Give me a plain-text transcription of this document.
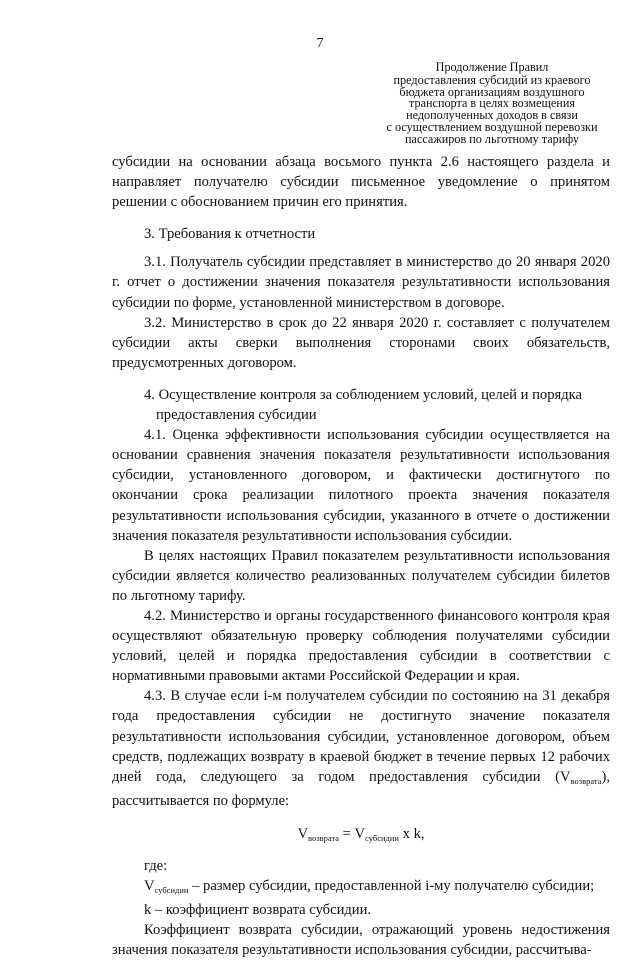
7
Продолжение Правил
предоставления субсидий из краевого
бюджета организациям воздушного
транспорта в целях возмещения
недополученных доходов в связи
с осуществлением воздушной перевозки
пассажиров по льготному тарифу

субсидии на основании абзаца восьмого пункта 2.6 настоящего раздела и направляет получателю субсидии письменное уведомление о принятом решении с обоснованием причин его принятия.

3. Требования к отчетности

3.1. Получатель субсидии представляет в министерство до 20 января 2020 г. отчет о достижении значения показателя результативности использования субсидии по форме, установленной министерством в договоре.

3.2. Министерство в срок до 22 января 2020 г. составляет с получателем субсидии акты сверки выполнения сторонами своих обязательств, предусмотренных договором.

4. Осуществление контроля за соблюдением условий, целей и порядка
предоставления субсидии

4.1. Оценка эффективности использования субсидии осуществляется на основании сравнения значения показателя результативности использования субсидии, установленного договором, и фактически достигнутого по окончании срока реализации пилотного проекта значения показателя результативности использования субсидии, указанного в отчете о достижении значения показателя результативности использования субсидии.

В целях настоящих Правил показателем результативности использования субсидии является количество реализованных получателем субсидии билетов по льготному тарифу.

4.2. Министерство и органы государственного финансового контроля края осуществляют обязательную проверку соблюдения получателями субсидии условий, целей и порядка предоставления субсидии в соответствии с нормативными правовыми актами Российской Федерации и края.

4.3. В случае если i-м получателем субсидии по состоянию на 31 декабря года предоставления субсидии не достигнуто значение показателя результативности использования субсидии, установленное договором, объем средств, подлежащих возврату в краевой бюджет в течение первых 12 рабочих дней года, следующего за годом предоставления субсидии $(V_{возврата})$, рассчитывается по формуле:

$V_{возврата} = V_{субсидии}$ x k,
где:

$V_{субсидии}$ – размер субсидии, предоставленной i-му получателю субсидии;

k – коэффициент возврата субсидии.

Коэффициент возврата субсидии, отражающий уровень недостижения значения показателя результативности использования субсидии, рассчитыва-
